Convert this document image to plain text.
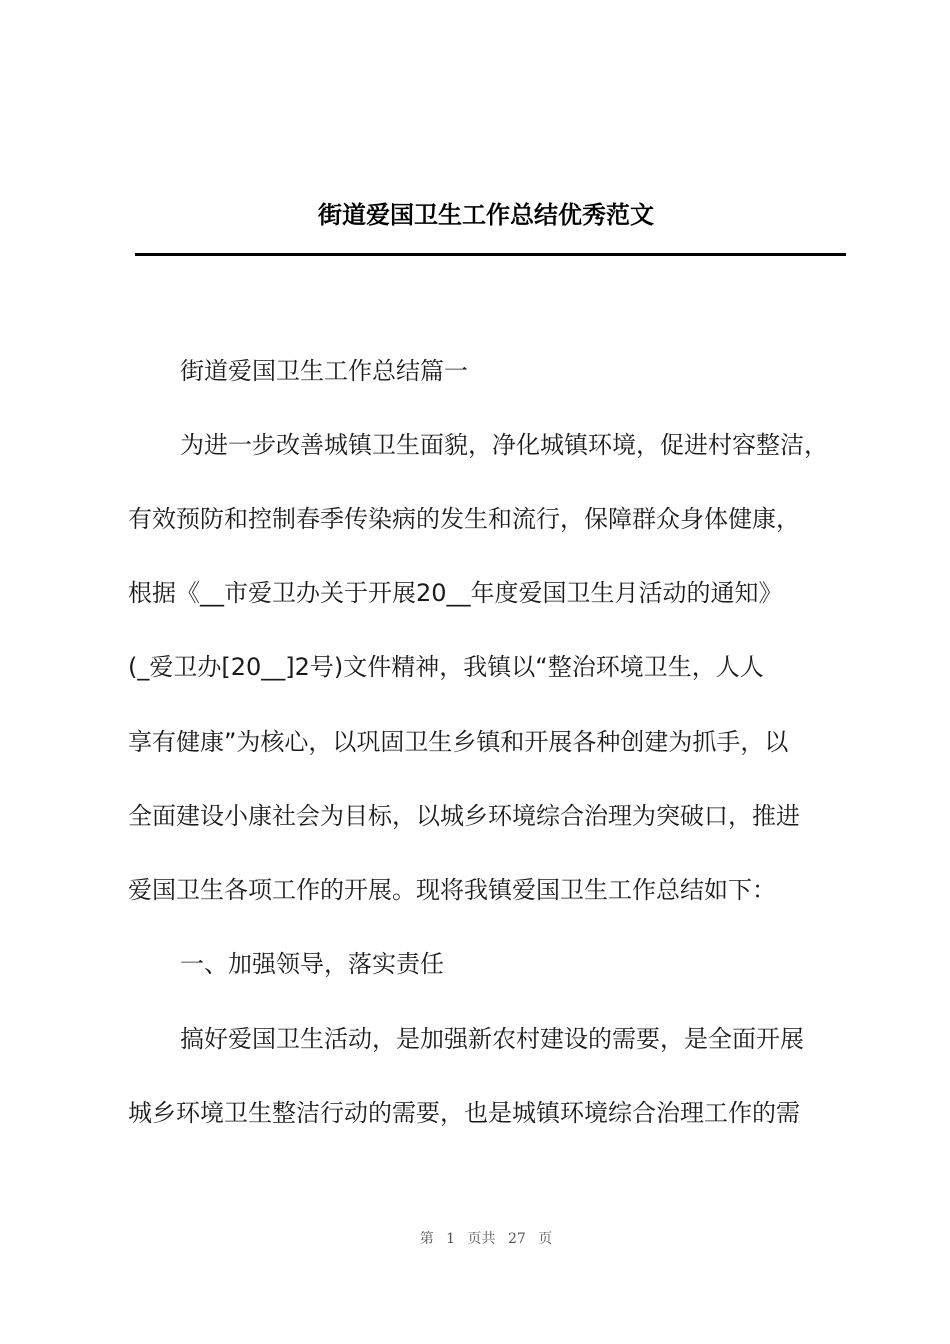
街道爱国卫生工作总结优秀范文
街道爱国卫生工作总结篇一
为进一步改善城镇卫生面貌，净化城镇环境，促进村容整洁，
有效预防和控制春季传染病的发生和流行，保障群众身体健康，
根据《__市爱卫办关于开展20__年度爱国卫生月活动的通知》
(_爱卫办[20__]2号)文件精神，我镇以“整治环境卫生，人人
享有健康”为核心，以巩固卫生乡镇和开展各种创建为抓手，以
全面建设小康社会为目标，以城乡环境综合治理为突破口，推进
爱国卫生各项工作的开展。现将我镇爱国卫生工作总结如下：
一、加强领导，落实责任
搞好爱国卫生活动，是加强新农村建设的需要，是全面开展
城乡环境卫生整洁行动的需要，也是城镇环境综合治理工作的需
第 1 页共 27 页
